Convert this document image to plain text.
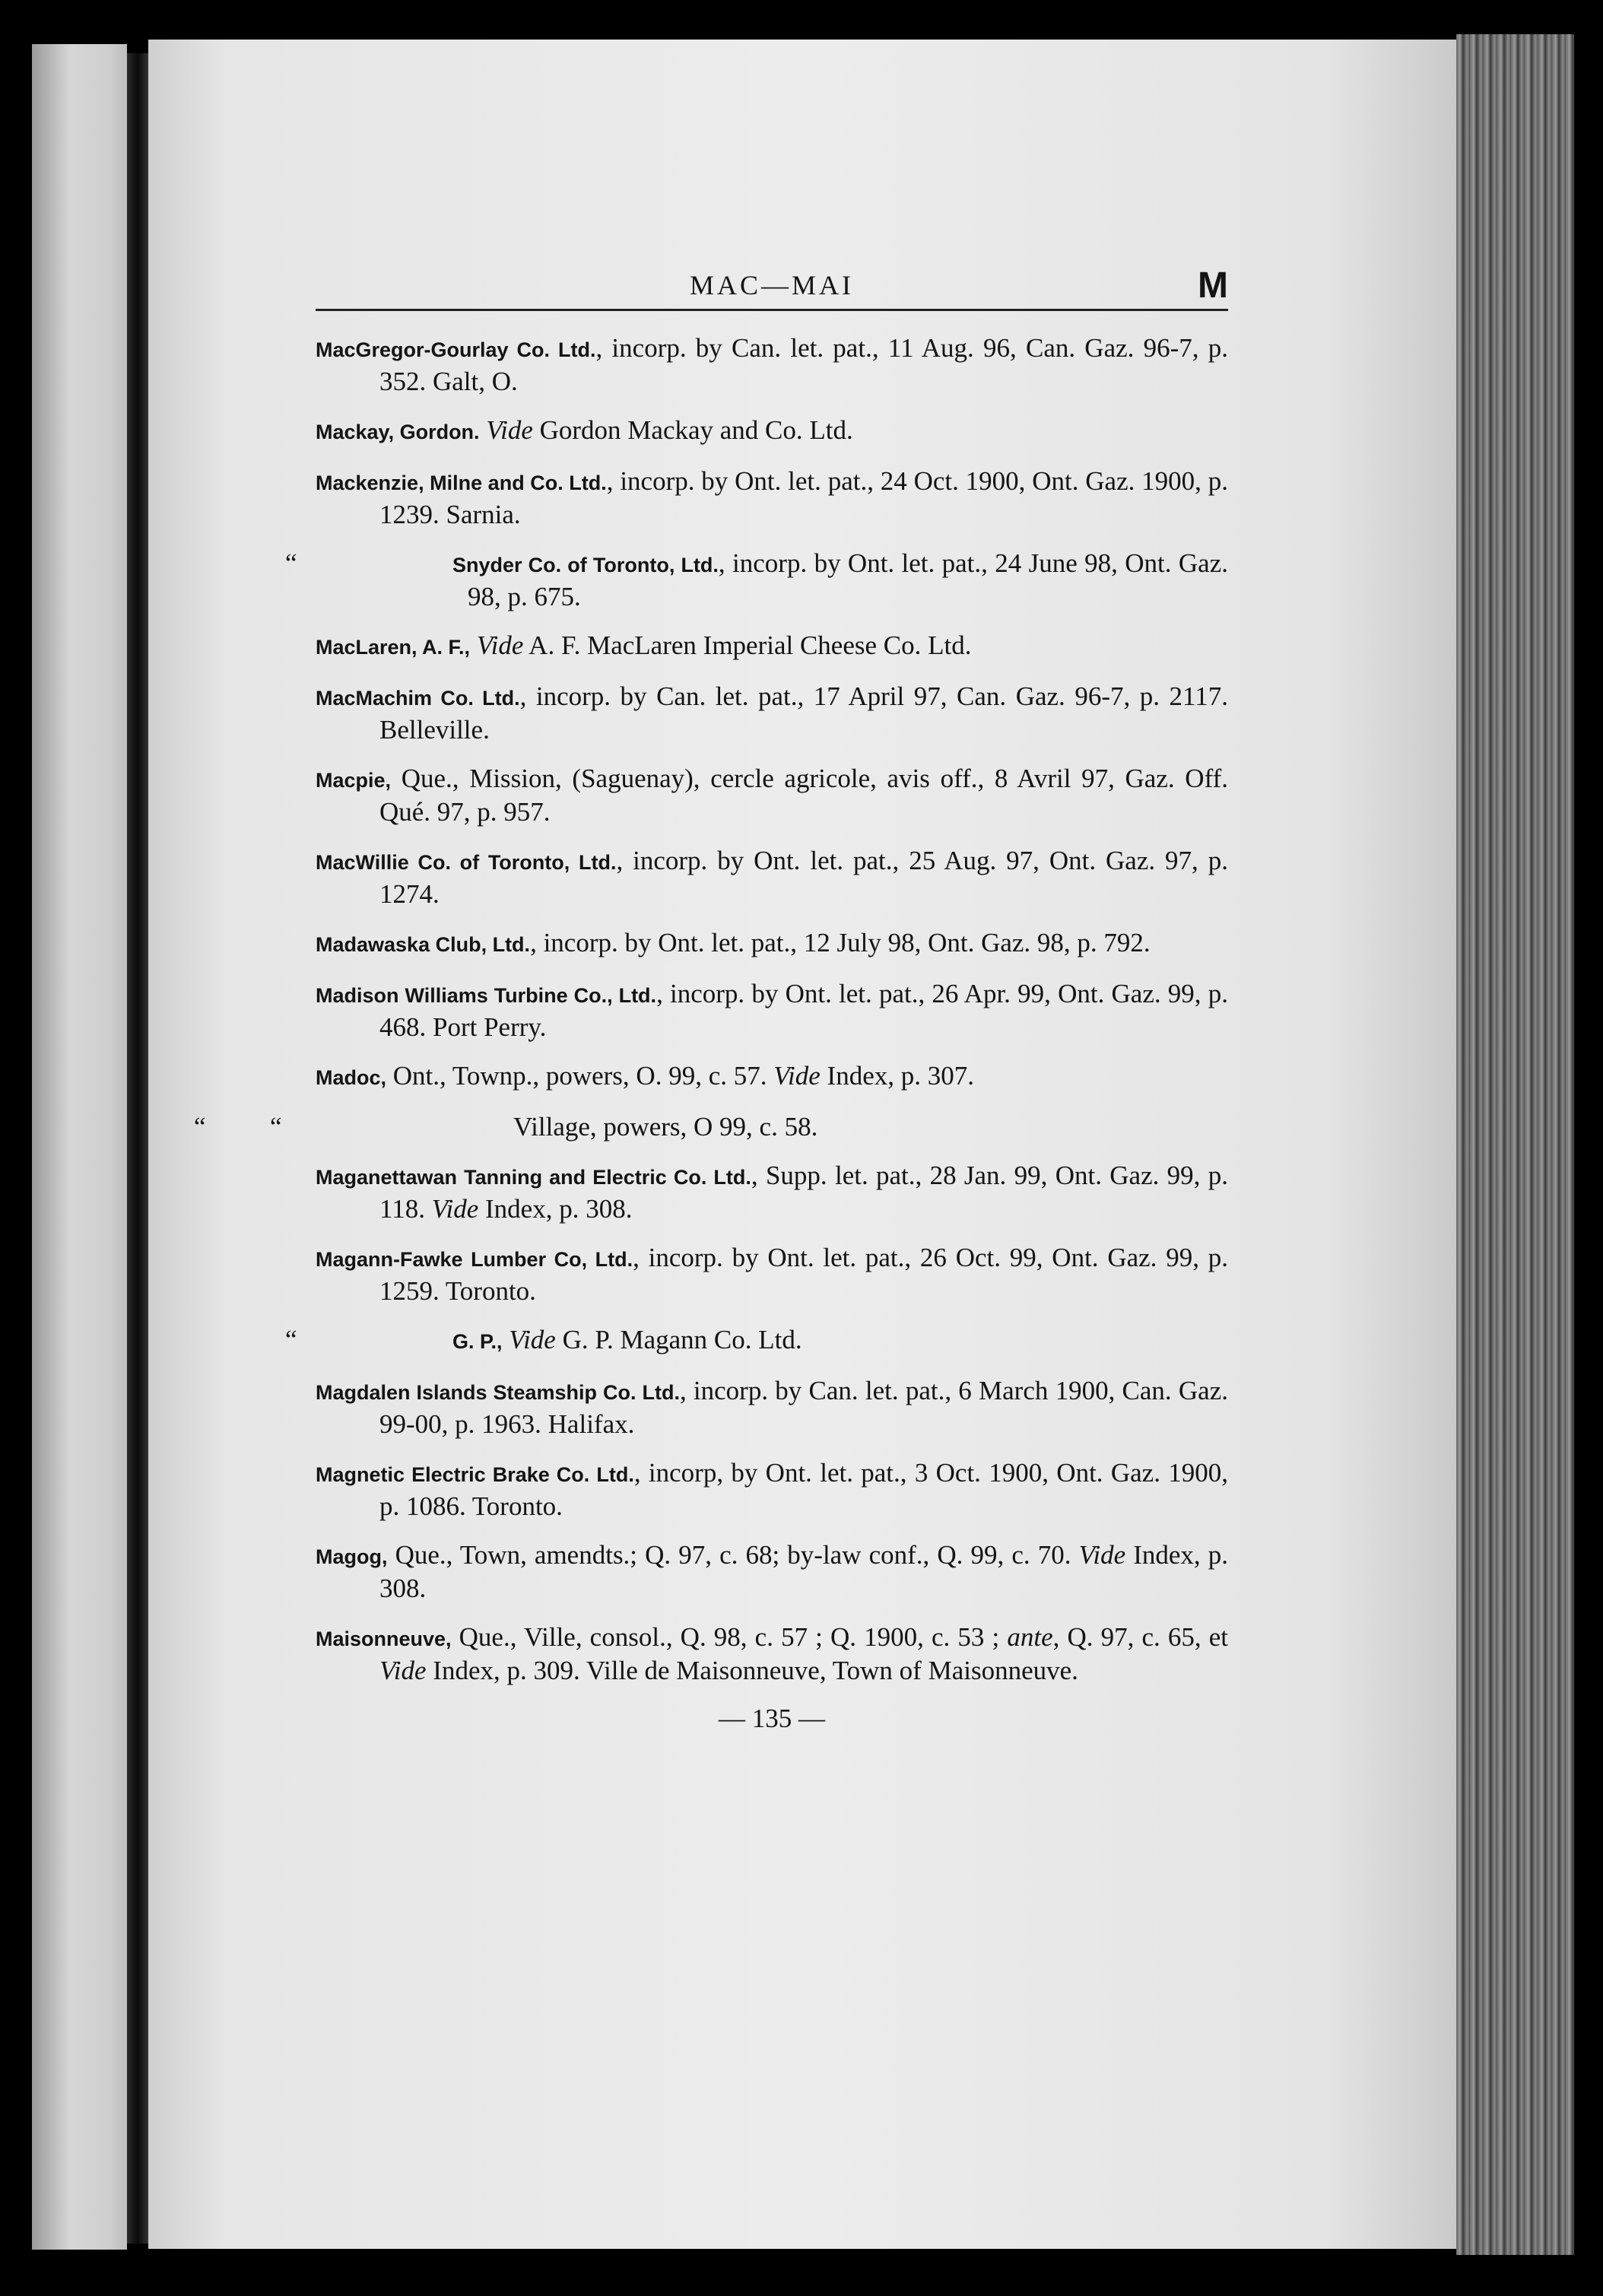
MAC—MAI	M
MacGregor-Gourlay Co. Ltd., incorp. by Can. let. pat., 11 Aug. 96, Can. Gaz. 96-7, p. 352. Galt, O.
Mackay, Gordon. Vide Gordon Mackay and Co. Ltd.
Mackenzie, Milne and Co. Ltd., incorp. by Ont. let. pat., 24 Oct. 1900, Ont. Gaz. 1900, p. 1239. Sarnia.
“	Snyder Co. of Toronto, Ltd., incorp. by Ont. let. pat., 24 June 98, Ont. Gaz. 98, p. 675.
MacLaren, A. F., Vide A. F. MacLaren Imperial Cheese Co. Ltd.
MacMachim Co. Ltd., incorp. by Can. let. pat., 17 April 97, Can. Gaz. 96-7, p. 2117. Belleville.
Macpie, Que., Mission, (Saguenay), cercle agricole, avis off., 8 Avril 97, Gaz. Off. Qué. 97, p. 957.
MacWillie Co. of Toronto, Ltd., incorp. by Ont. let. pat., 25 Aug. 97, Ont. Gaz. 97, p. 1274.
Madawaska Club, Ltd., incorp. by Ont. let. pat., 12 July 98, Ont. Gaz. 98, p. 792.
Madison Williams Turbine Co., Ltd., incorp. by Ont. let. pat., 26 Apr. 99, Ont. Gaz. 99, p. 468. Port Perry.
Madoc, Ont., Townp., powers, O. 99, c. 57. Vide Index, p. 307.
“ “	Village, powers, O 99, c. 58.
Maganettawan Tanning and Electric Co. Ltd., Supp. let. pat., 28 Jan. 99, Ont. Gaz. 99, p. 118. Vide Index, p. 308.
Magann-Fawke Lumber Co, Ltd., incorp. by Ont. let. pat., 26 Oct. 99, Ont. Gaz. 99, p. 1259. Toronto.
“	G. P., Vide G. P. Magann Co. Ltd.
Magdalen Islands Steamship Co. Ltd., incorp. by Can. let. pat., 6 March 1900, Can. Gaz. 99-00, p. 1963. Halifax.
Magnetic Electric Brake Co. Ltd., incorp, by Ont. let. pat., 3 Oct. 1900, Ont. Gaz. 1900, p. 1086. Toronto.
Magog, Que., Town, amendts.; Q. 97, c. 68; by-law conf., Q. 99, c. 70. Vide Index, p. 308.
Maisonneuve, Que., Ville, consol., Q. 98, c. 57 ; Q. 1900, c. 53 ; ante, Q. 97, c. 65, et Vide Index, p. 309. Ville de Maisonneuve, Town of Maisonneuve.
— 135 —
